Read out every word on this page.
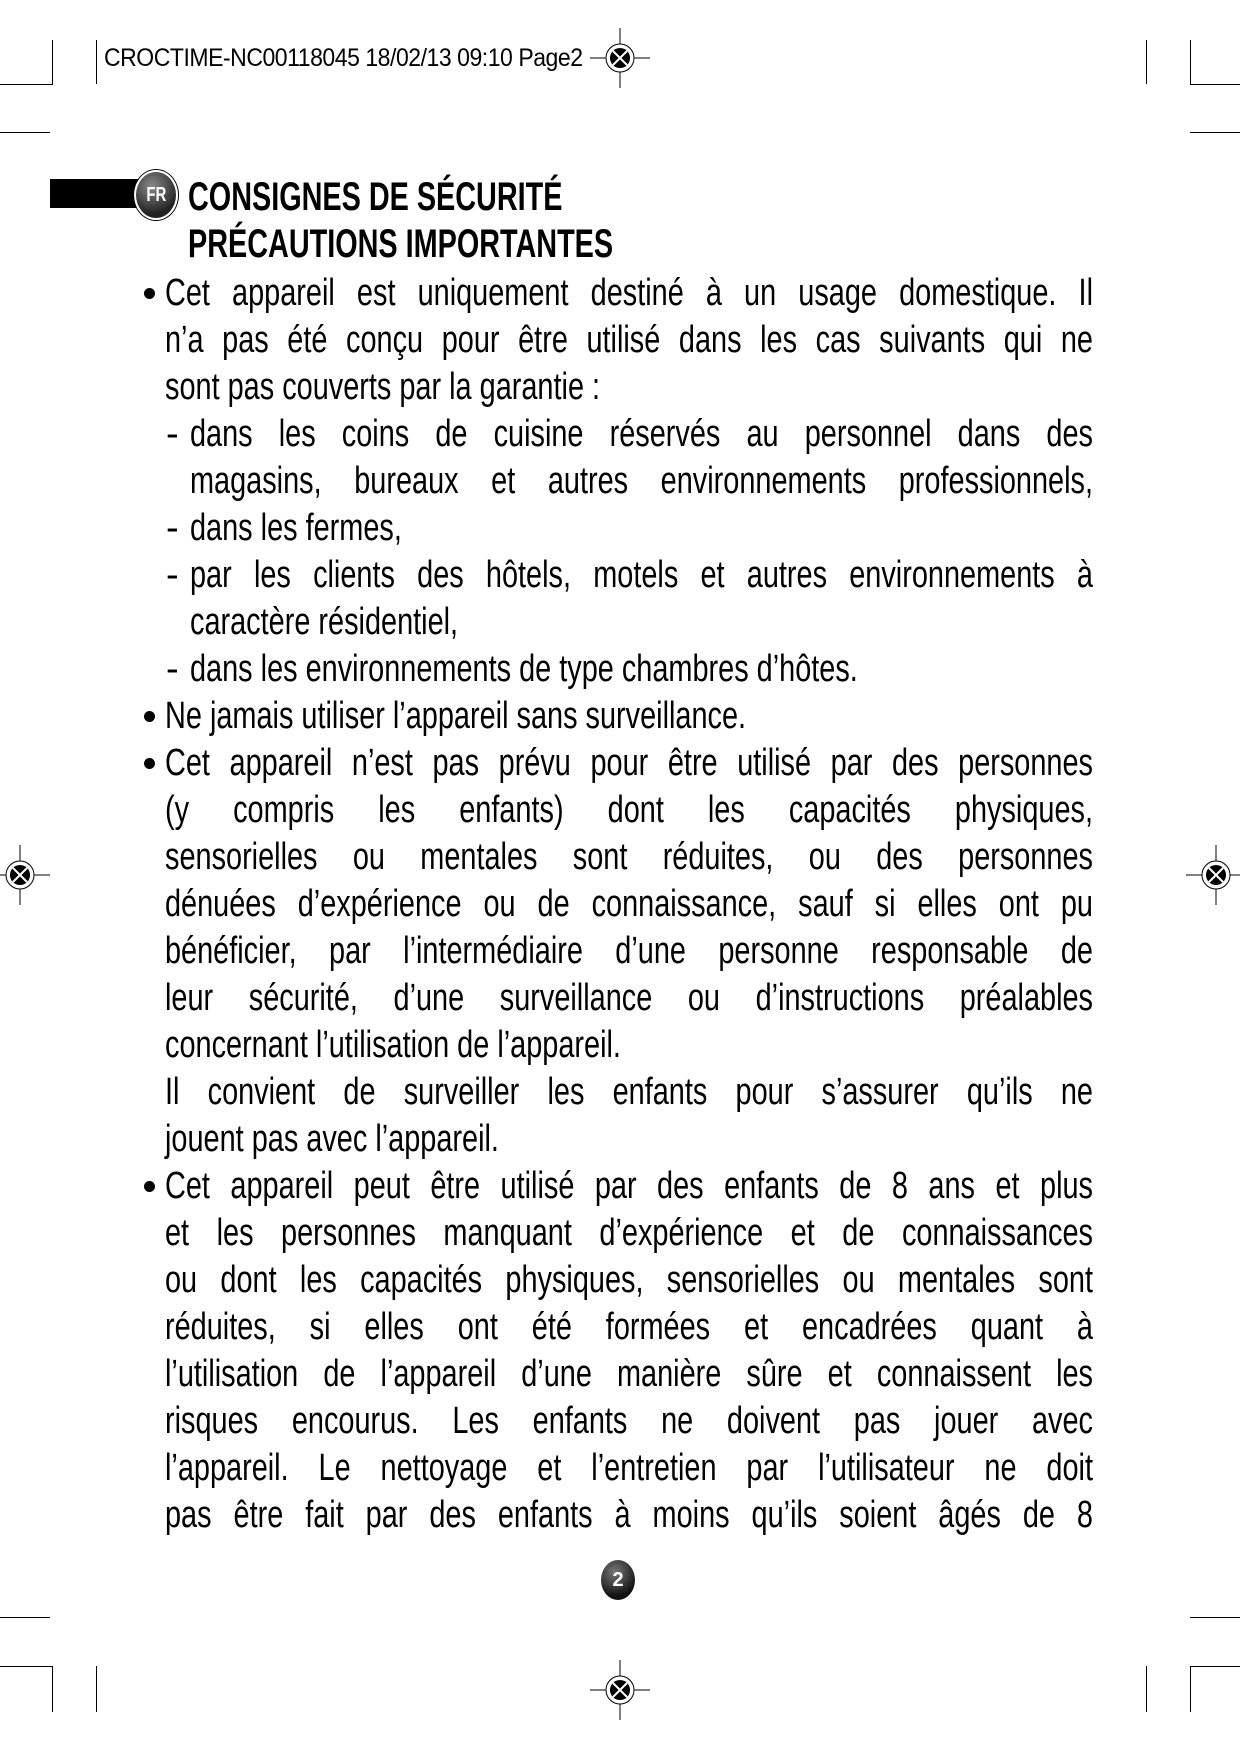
CROCTIME-NC00118045 18/02/13 09:10 Page2
FR CONSIGNES DE SÉCURITÉ
PRÉCAUTIONS IMPORTANTES
Cet appareil est uniquement destiné à un usage domestique. Il
n’a pas été conçu pour être utilisé dans les cas suivants qui ne
sont pas couverts par la garantie :
- dans les coins de cuisine réservés au personnel dans des
magasins, bureaux et autres environnements professionnels,
- dans les fermes,
- par les clients des hôtels, motels et autres environnements à
caractère résidentiel,
- dans les environnements de type chambres d’hôtes.
Ne jamais utiliser l’appareil sans surveillance.
Cet appareil n’est pas prévu pour être utilisé par des personnes
(y compris les enfants) dont les capacités physiques,
sensorielles ou mentales sont réduites, ou des personnes
dénuées d’expérience ou de connaissance, sauf si elles ont pu
bénéficier, par l’intermédiaire d’une personne responsable de
leur sécurité, d’une surveillance ou d’instructions préalables
concernant l’utilisation de l’appareil.
Il convient de surveiller les enfants pour s’assurer qu’ils ne
jouent pas avec l’appareil.
Cet appareil peut être utilisé par des enfants de 8 ans et plus
et les personnes manquant d’expérience et de connaissances
ou dont les capacités physiques, sensorielles ou mentales sont
réduites, si elles ont été formées et encadrées quant à
l’utilisation de l’appareil d’une manière sûre et connaissent les
risques encourus. Les enfants ne doivent pas jouer avec
l’appareil. Le nettoyage et l’entretien par l’utilisateur ne doit
pas être fait par des enfants à moins qu’ils soient âgés de 8
2
